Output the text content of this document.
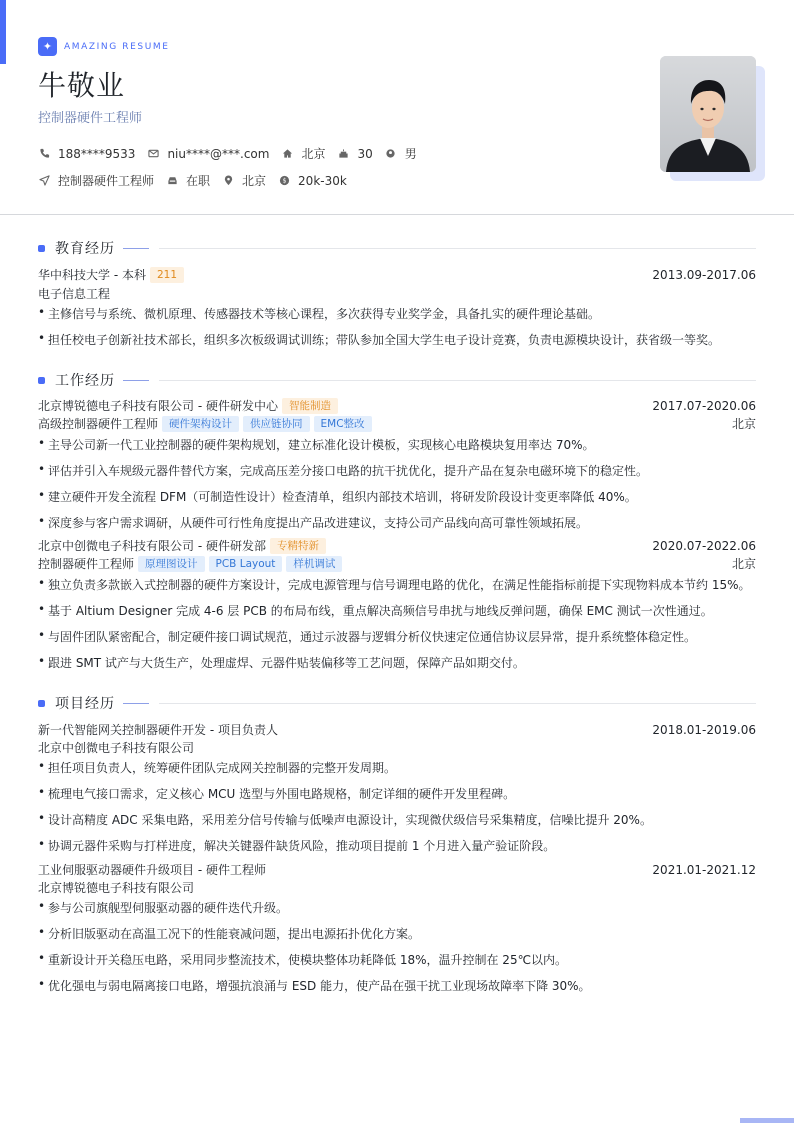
✦	AMAZING RESUME
牛敬业
控制器硬件工程师
188****9533	niu****@***.com	北京	30	男
控制器硬件工程师	在职	北京 $ 20k-30k
教育经历
华中科技大学 - 本科	211	2013.09-2017.06
电子信息工程
• 主修信号与系统、微机原理、传感器技术等核心课程，多次获得专业奖学金，具备扎实的硬件理论基础。
• 担任校电子创新社技术部长，组织多次板级调试训练；带队参加全国大学生电子设计竞赛，负责电源模块设计，获省级一等奖。
工作经历
北京博锐德电子科技有限公司 - 硬件研发中心	智能制造	2017.07-2020.06
高级控制器硬件工程师	硬件架构设计	供应链协同	EMC整改	北京
• 主导公司新一代工业控制器的硬件架构规划，建立标准化设计模板，实现核心电路模块复用率达 70%。
• 评估并引入车规级元器件替代方案，完成高压差分接口电路的抗干扰优化，提升产品在复杂电磁环境下的稳定性。
• 建立硬件开发全流程 DFM（可制造性设计）检查清单，组织内部技术培训，将研发阶段设计变更率降低 40%。
• 深度参与客户需求调研，从硬件可行性角度提出产品改进建议，支持公司产品线向高可靠性领域拓展。
北京中创微电子科技有限公司 - 硬件研发部	专精特新	2020.07-2022.06
控制器硬件工程师	原理图设计	PCB Layout	样机调试	北京
• 独立负责多款嵌入式控制器的硬件方案设计，完成电源管理与信号调理电路的优化，在满足性能指标前提下实现物料成本节约 15%。
• 基于 Altium Designer 完成 4-6 层 PCB 的布局布线，重点解决高频信号串扰与地线反弹问题，确保 EMC 测试一次性通过。
• 与固件团队紧密配合，制定硬件接口调试规范，通过示波器与逻辑分析仪快速定位通信协议层异常，提升系统整体稳定性。
• 跟进 SMT 试产与大货生产，处理虚焊、元器件贴装偏移等工艺问题，保障产品如期交付。
项目经历
新一代智能网关控制器硬件开发 - 项目负责人	2018.01-2019.06
北京中创微电子科技有限公司
• 担任项目负责人，统筹硬件团队完成网关控制器的完整开发周期。
• 梳理电气接口需求，定义核心 MCU 选型与外围电路规格，制定详细的硬件开发里程碑。
• 设计高精度 ADC 采集电路，采用差分信号传输与低噪声电源设计，实现微伏级信号采集精度，信噪比提升 20%。
• 协调元器件采购与打样进度，解决关键器件缺货风险，推动项目提前 1 个月进入量产验证阶段。
工业伺服驱动器硬件升级项目 - 硬件工程师	2021.01-2021.12
北京博锐德电子科技有限公司
• 参与公司旗舰型伺服驱动器的硬件迭代升级。
• 分析旧版驱动在高温工况下的性能衰减问题，提出电源拓扑优化方案。
• 重新设计开关稳压电路，采用同步整流技术，使模块整体功耗降低 18%，温升控制在 25℃以内。
• 优化强电与弱电隔离接口电路，增强抗浪涌与 ESD 能力，使产品在强干扰工业现场故障率下降 30%。
